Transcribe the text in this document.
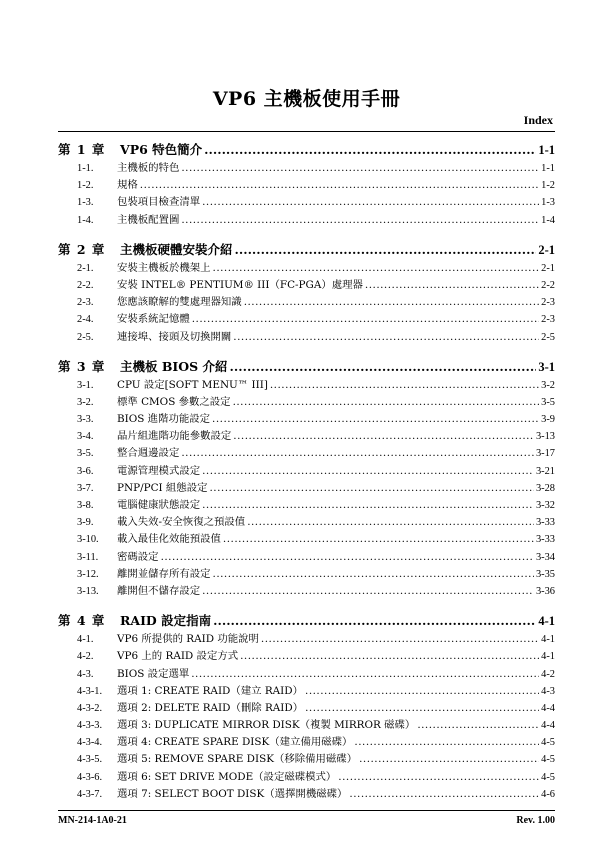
VP6 主機板使用手冊
Index
第 1 章	VP6 特色簡介 .....	1-1
1-1.	主機板的特色 .....	1-1
1-2.	規格 .....	1-2
1-3.	包裝項目檢查清單 .....	1-3
1-4.	主機板配置圖 .....	1-4
第 2 章	主機板硬體安裝介紹 .....	2-1
2-1.	安裝主機板於機架上 .....	2-1
2-2.	安裝 INTEL® PENTIUM® III（FC-PGA）處理器 .....	2-2
2-3.	您應該瞭解的雙處理器知識 .....	2-3
2-4.	安裝系統記憶體 .....	2-3
2-5.	連接埠、接頭及切換開關 .....	2-5
第 3 章	主機板 BIOS 介紹 .....	3-1
3-1.	CPU 設定[SOFT MENU™ III] .....	3-2
3-2.	標準 CMOS 參數之設定 .....	3-5
3-3.	BIOS 進階功能設定 .....	3-9
3-4.	晶片組進階功能參數設定 .....	3-13
3-5.	整合週邊設定 .....	3-17
3-6.	電源管理模式設定 .....	3-21
3-7.	PNP/PCI 組態設定 .....	3-28
3-8.	電腦健康狀態設定 .....	3-32
3-9.	載入失效-安全恢復之預設值 .....	3-33
3-10.	載入最佳化效能預設值 .....	3-33
3-11.	密碼設定 .....	3-34
3-12.	離開並儲存所有設定 .....	3-35
3-13.	離開但不儲存設定 .....	3-36
第 4 章	RAID 設定指南 .....	4-1
4-1.	VP6 所提供的 RAID 功能說明 .....	4-1
4-2.	VP6 上的 RAID 設定方式 .....	4-1
4-3.	BIOS 設定選單 .....	4-2
4-3-1.	選項 1: CREATE RAID（建立 RAID） .....	4-3
4-3-2.	選項 2: DELETE RAID（刪除 RAID） .....	4-4
4-3-3.	選項 3: DUPLICATE MIRROR DISK（複製 MIRROR 磁碟） .....	4-4
4-3-4.	選項 4: CREATE SPARE DISK（建立備用磁碟） .....	4-5
4-3-5.	選項 5: REMOVE SPARE DISK（移除備用磁碟） .....	4-5
4-3-6.	選項 6: SET DRIVE MODE（設定磁碟模式） .....	4-5
4-3-7.	選項 7: SELECT BOOT DISK（選擇開機磁碟） .....	4-6
MN-214-1A0-21	Rev. 1.00
